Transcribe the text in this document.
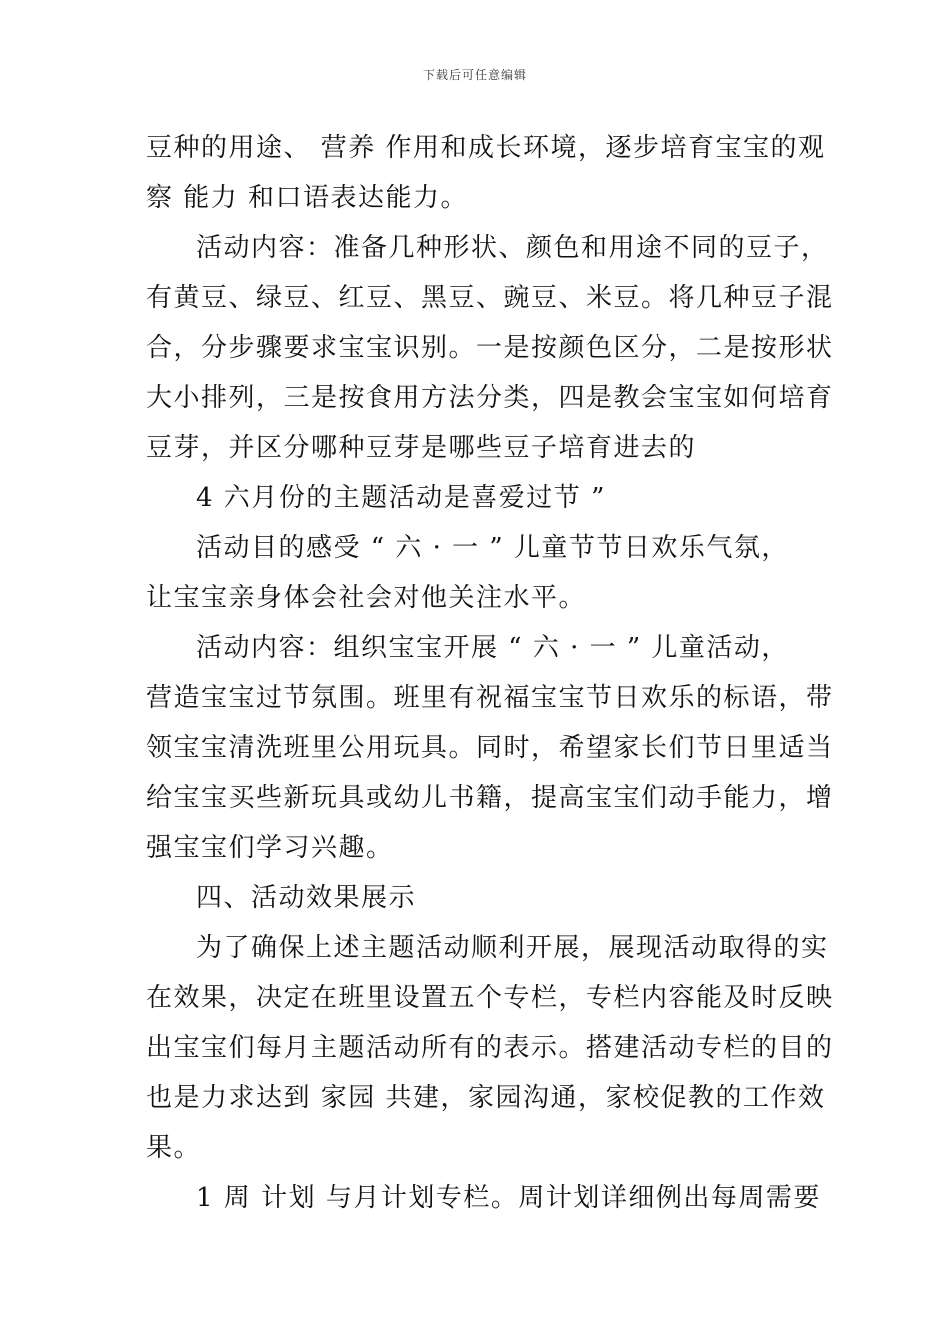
下载后可任意编辑
豆种的用途、 营养 作用和成长环境，逐步培育宝宝的观
察 能力 和口语表达能力。
活动内容：准备几种形状、颜色和用途不同的豆子，
有黄豆、绿豆、红豆、黑豆、豌豆、米豆。将几种豆子混
合，分步骤要求宝宝识别。一是按颜色区分，二是按形状
大小排列，三是按食用方法分类，四是教会宝宝如何培育
豆芽，并区分哪种豆芽是哪些豆子培育进去的
4 六月份的主题活动是喜爱过节 ”
活动目的感受 “ 六 · 一 ” 儿童节节日欢乐气氛，
让宝宝亲身体会社会对他关注水平。
活动内容：组织宝宝开展 “ 六 · 一 ” 儿童活动，
营造宝宝过节氛围。班里有祝福宝宝节日欢乐的标语，带
领宝宝清洗班里公用玩具。同时，希望家长们节日里适当
给宝宝买些新玩具或幼儿书籍，提高宝宝们动手能力，增
强宝宝们学习兴趣。
四、活动效果展示
为了确保上述主题活动顺利开展，展现活动取得的实
在效果，决定在班里设置五个专栏，专栏内容能及时反映
出宝宝们每月主题活动所有的表示。搭建活动专栏的目的
也是力求达到 家园 共建，家园沟通，家校促教的工作效
果。
1 周 计划 与月计划专栏。周计划详细例出每周需要
